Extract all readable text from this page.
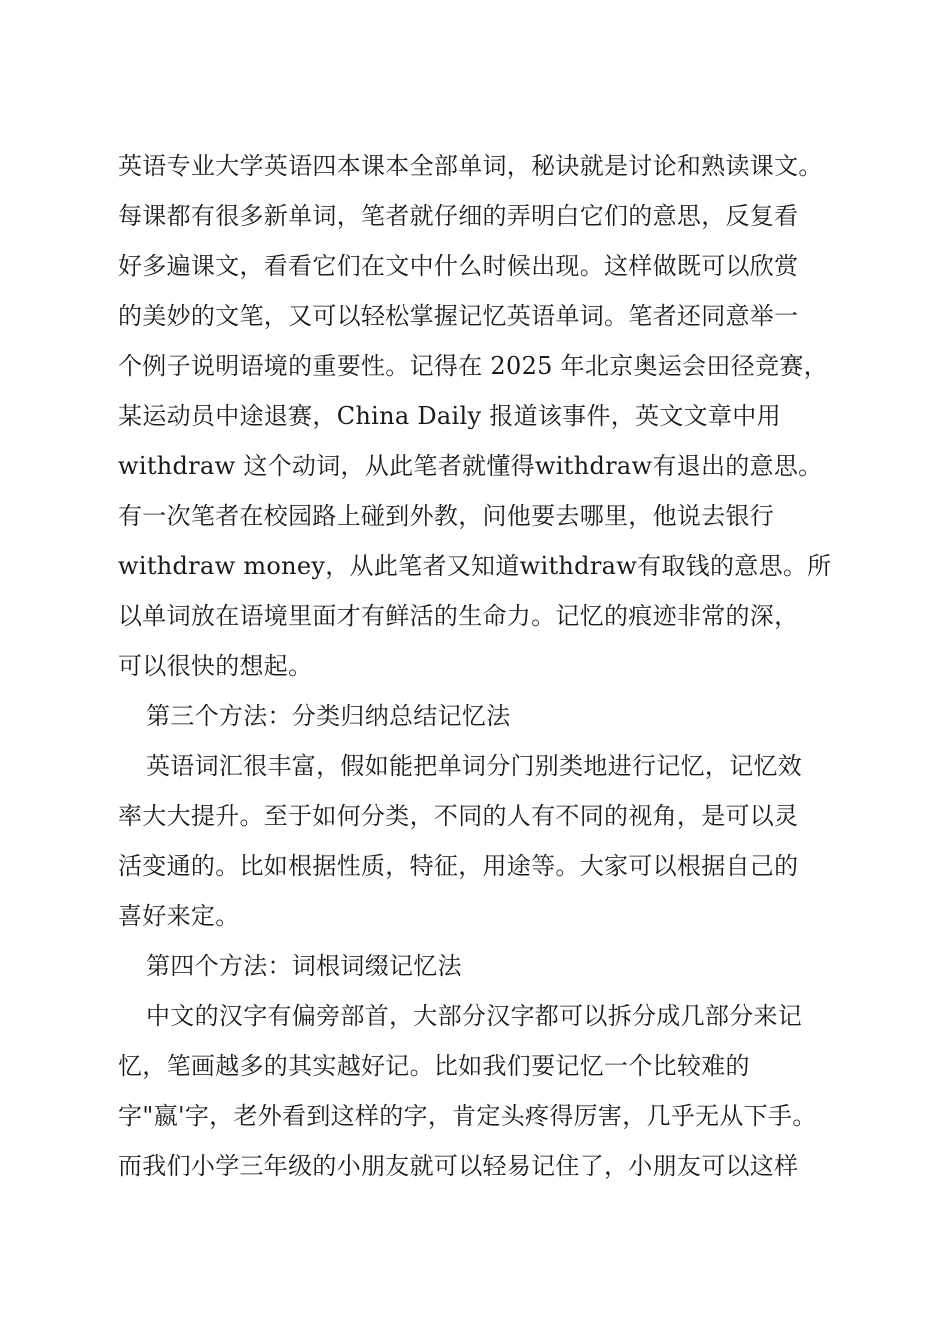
英语专业大学英语四本课本全部单词，秘诀就是讨论和熟读课文。
每课都有很多新单词，笔者就仔细的弄明白它们的意思，反复看
好多遍课文，看看它们在文中什么时候出现。这样做既可以欣赏
的美妙的文笔，又可以轻松掌握记忆英语单词。笔者还同意举一
个例子说明语境的重要性。记得在 2025 年北京奥运会田径竞赛，
某运动员中途退赛，China Daily 报道该事件，英文文章中用
withdraw 这个动词，从此笔者就懂得withdraw有退出的意思。
有一次笔者在校园路上碰到外教，问他要去哪里，他说去银行
withdraw money，从此笔者又知道withdraw有取钱的意思。所
以单词放在语境里面才有鲜活的生命力。记忆的痕迹非常的深，
可以很快的想起。
第三个方法：分类归纳总结记忆法
英语词汇很丰富，假如能把单词分门别类地进行记忆，记忆效
率大大提升。至于如何分类，不同的人有不同的视角，是可以灵
活变通的。比如根据性质，特征，用途等。大家可以根据自己的
喜好来定。
第四个方法：词根词缀记忆法
中文的汉字有偏旁部首，大部分汉字都可以拆分成几部分来记
忆，笔画越多的其实越好记。比如我们要记忆一个比较难的
字"嬴'字，老外看到这样的字，肯定头疼得厉害，几乎无从下手。
而我们小学三年级的小朋友就可以轻易记住了，小朋友可以这样
